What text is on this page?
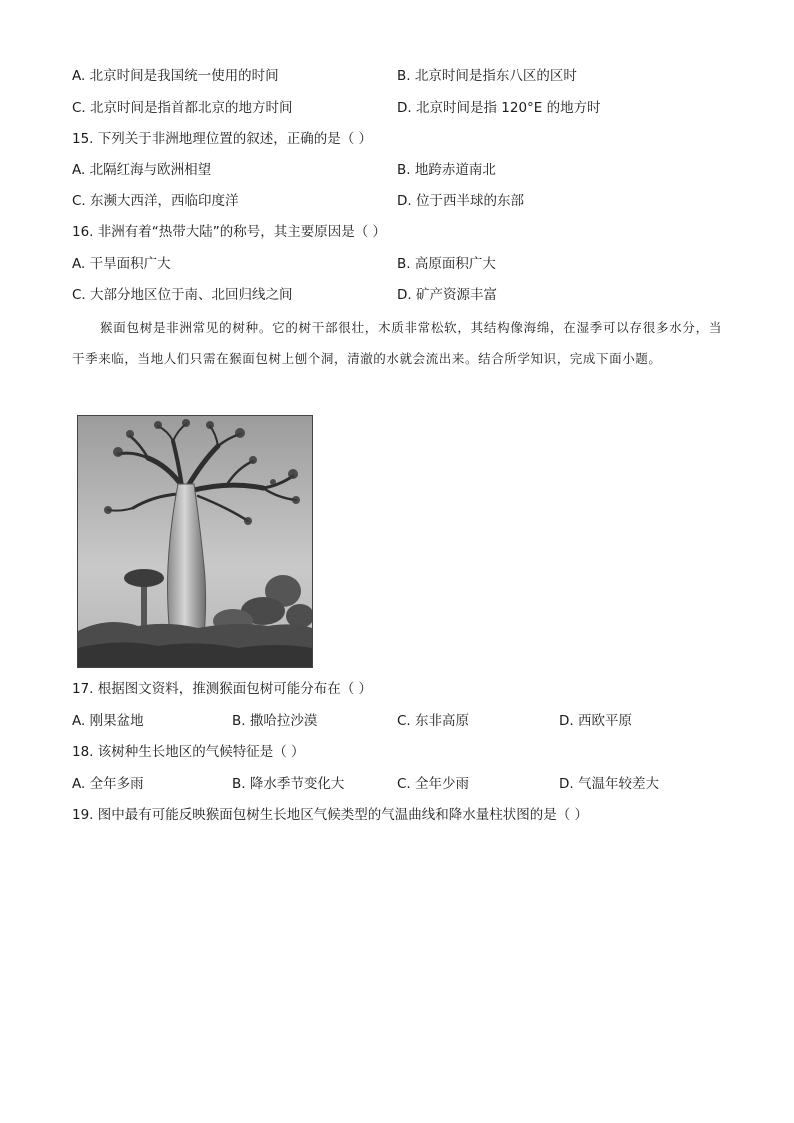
A. 北京时间是我国统一使用的时间	B. 北京时间是指东八区的区时
C. 北京时间是指首都北京的地方时间	D. 北京时间是指 120°E 的地方时
15. 下列关于非洲地理位置的叙述，正确的是（ ）
A. 北隔红海与欧洲相望	B. 地跨赤道南北
C. 东濒大西洋，西临印度洋	D. 位于西半球的东部
16. 非洲有着“热带大陆”的称号，其主要原因是（ ）
A. 干旱面积广大	B. 高原面积广大
C. 大部分地区位于南、北回归线之间	D. 矿产资源丰富
猴面包树是非洲常见的树种。它的树干部很壮，木质非常松软，其结构像海绵，在湿季可以存很多水分，当干季来临，当地人们只需在猴面包树上刨个洞，清澈的水就会流出来。结合所学知识，完成下面小题。
17. 根据图文资料，推测猴面包树可能分布在（ ）
A. 刚果盆地	B. 撒哈拉沙漠	C. 东非高原	D. 西欧平原
18. 该树种生长地区的气候特征是（ ）
A. 全年多雨	B. 降水季节变化大	C. 全年少雨	D. 气温年较差大
19. 图中最有可能反映猴面包树生长地区气候类型的气温曲线和降水量柱状图的是（ ）
